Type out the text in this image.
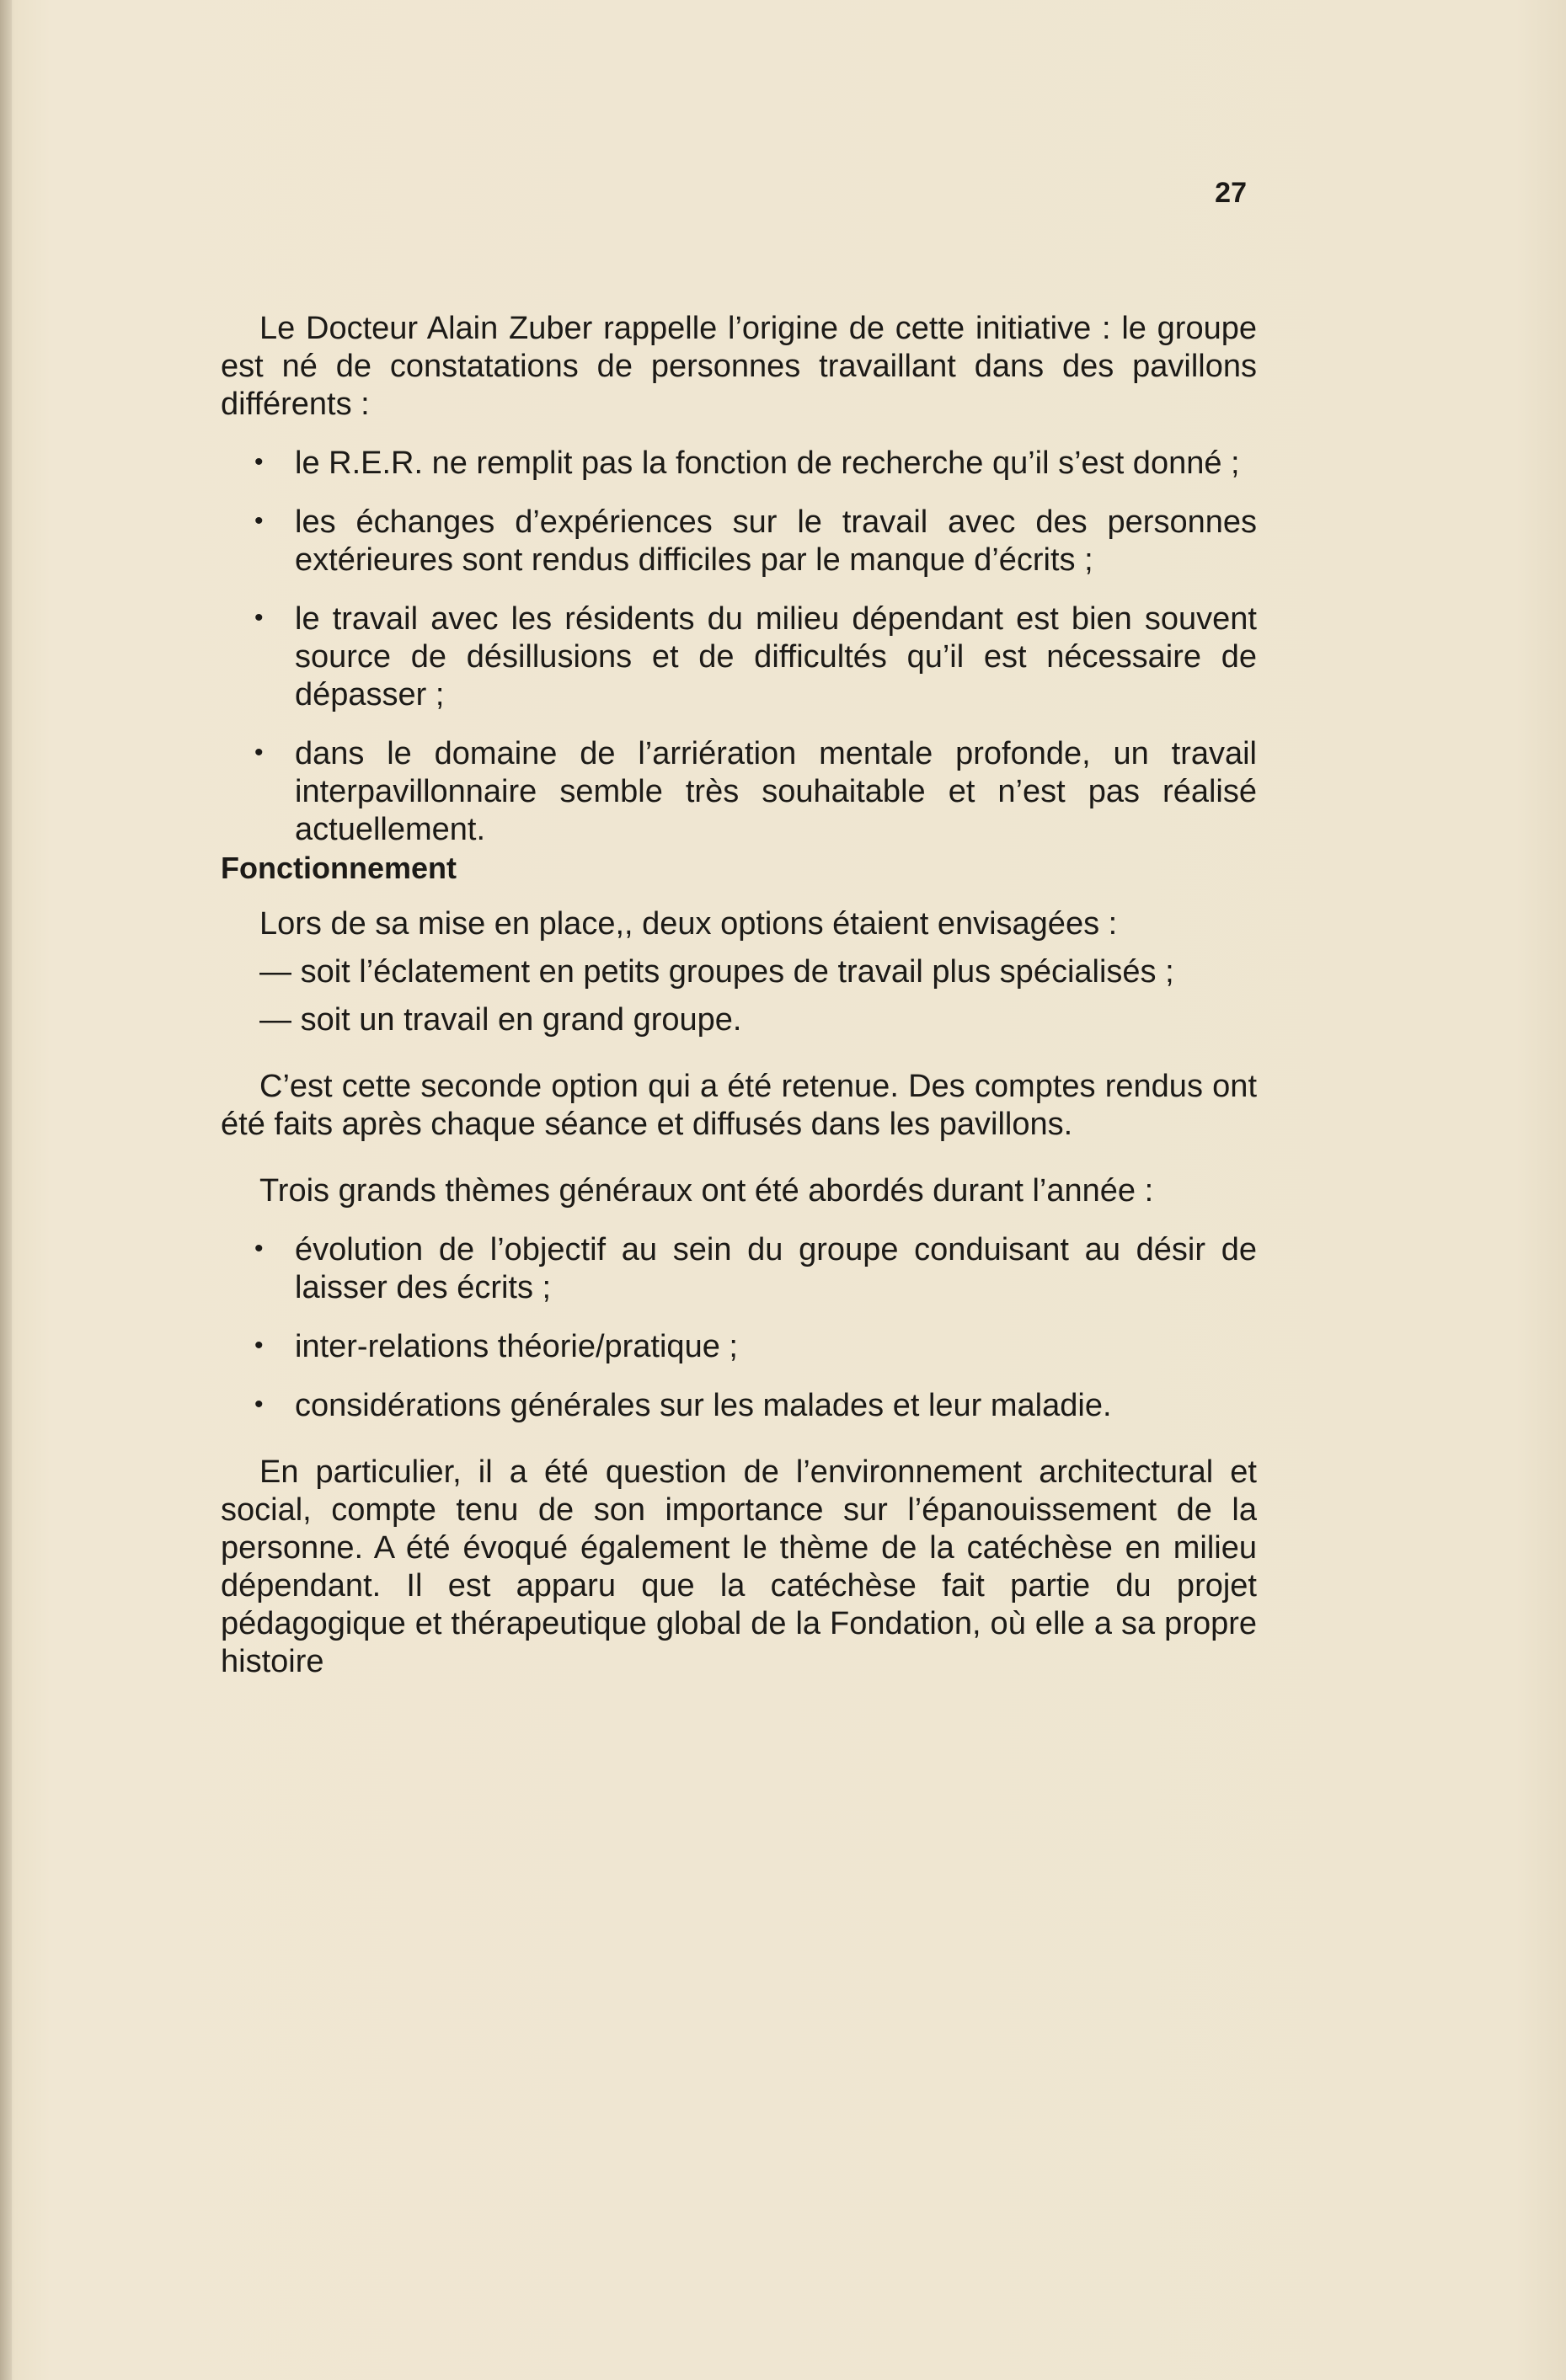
27

Le Docteur Alain Zuber rappelle l’origine de cette initiative : le groupe est né de constatations de personnes travaillant dans des pavillons différents :

• le R.E.R. ne remplit pas la fonction de recherche qu’il s’est donné ;
• les échanges d’expériences sur le travail avec des personnes extérieures sont rendus difficiles par le manque d’écrits ;
• le travail avec les résidents du milieu dépendant est bien souvent source de désillusions et de difficultés qu’il est nécessaire de dépasser ;
• dans le domaine de l’arriération mentale profonde, un travail interpavillonnaire semble très souhaitable et n’est pas réalisé actuellement.

Fonctionnement

Lors de sa mise en place,, deux options étaient envisagées :

— soit l’éclatement en petits groupes de travail plus spécialisés ;
— soit un travail en grand groupe.

C’est cette seconde option qui a été retenue. Des comptes rendus ont été faits après chaque séance et diffusés dans les pavillons.

Trois grands thèmes généraux ont été abordés durant l’année :

• évolution de l’objectif au sein du groupe conduisant au désir de laisser des écrits ;
• inter-relations théorie/pratique ;
• considérations générales sur les malades et leur maladie.

En particulier, il a été question de l’environnement architectural et social, compte tenu de son importance sur l’épanouissement de la personne. A été évoqué également le thème de la catéchèse en milieu dépendant. Il est apparu que la catéchèse fait partie du projet pédagogique et thérapeutique global de la Fondation, où elle a sa propre histoire
